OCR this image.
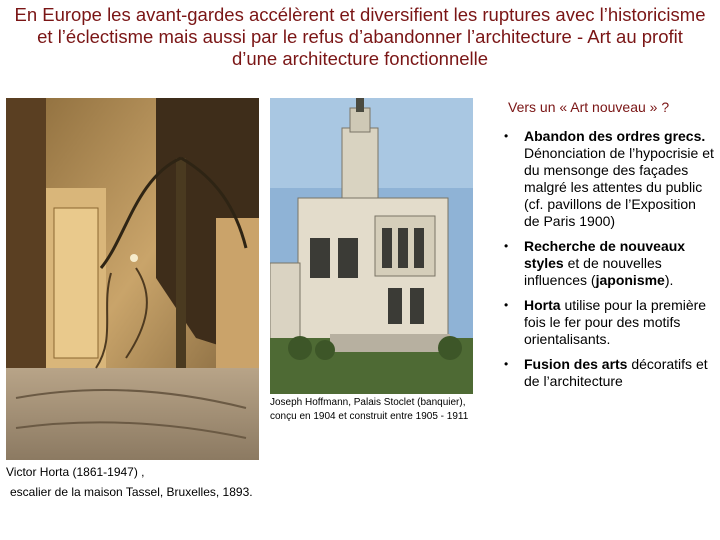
En Europe les avant-gardes accélèrent et diversifient les ruptures avec l’historicisme et l’éclectisme mais aussi par le refus d’abandonner l’architecture - Art au profit d’une architecture fonctionnelle
Vers un « Art nouveau » ?
Joseph Hoffmann, Palais Stoclet (banquier), conçu en 1904 et construit entre 1905 - 1911
Victor Horta (1861-1947) ,
escalier de la maison Tassel, Bruxelles, 1893.
• Abandon des ordres grecs. Dénonciation de l’hypocrisie et du mensonge des façades malgré les attentes du public (cf. pavillons de l’Exposition de Paris 1900)
• Recherche de nouveaux styles et de nouvelles influences (japonisme).
• Horta utilise pour la première fois le fer pour des motifs orientalisants.
• Fusion des arts décoratifs et de l’architecture
